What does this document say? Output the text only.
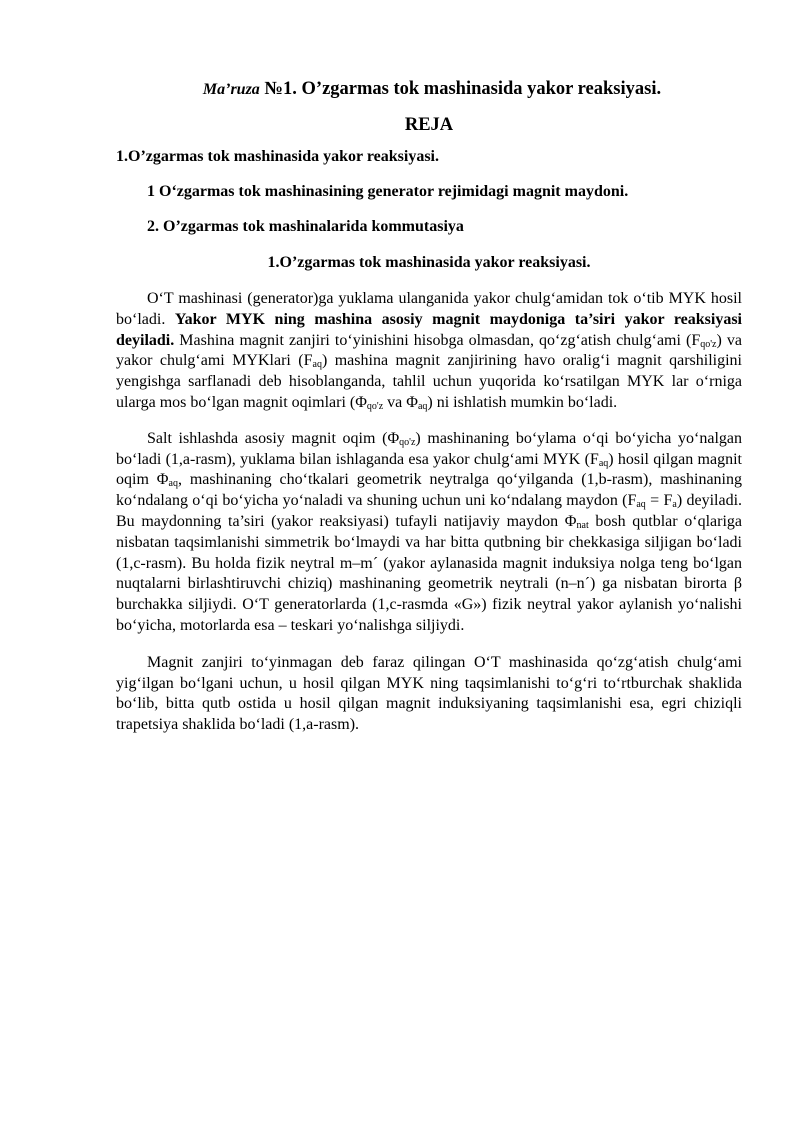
Ma’ruza №1. O’zgarmas tok mashinasida yakor reaksiyasi.
REJA
1.O’zgarmas tok mashinasida yakor reaksiyasi.
1 O‘zgarmas tok mashinasining generator rejimidagi magnit maydoni.
2. O’zgarmas tok mashinalarida kommutasiya
1.O’zgarmas tok mashinasida yakor reaksiyasi.

O‘T mashinasi (generator)ga yuklama ulanganida yakor chulg‘amidan tok o‘tib MYK hosil bo‘ladi. Yakor MYK ning mashina asosiy magnit maydoniga ta’siri yakor reaksiyasi deyiladi. Mashina magnit zanjiri to‘yinishini hisobga olmasdan, qo‘zg‘atish chulg‘ami $(F_{qo'z})$ va yakor chulg‘ami MYKlari $(F_{aq})$ mashina magnit zanjirining havo oralig‘i magnit qarshiligini yengishga sarflanadi deb hisoblanganda, tahlil uchun yuqorida ko‘rsatilgan MYK lar o‘rniga ularga mos bo‘lgan magnit oqimlari ($\Phi_{qo'z}$ va $\Phi_{aq}$) ni ishlatish mumkin bo‘ladi.

Salt ishlashda asosiy magnit oqim $(\Phi_{qo'z})$ mashinaning bo‘ylama o‘qi bo‘yicha yo‘nalgan bo‘ladi (1,a-rasm), yuklama bilan ishlaganda esa yakor chulg‘ami MYK $(F_{aq})$ hosil qilgan magnit oqim $\Phi_{aq}$, mashinaning cho‘tkalari geometrik neytralga qo‘yilganda (1,b-rasm), mashinaning ko‘ndalang o‘qi bo‘yicha yo‘naladi va shuning uchun uni ko‘ndalang maydon $(F_{aq} = F_a)$ deyiladi. Bu maydonning ta’siri (yakor reaksiyasi) tufayli natijaviy maydon $\Phi_{nat}$ bosh qutblar o‘qlariga nisbatan taqsimlanishi simmetrik bo‘lmaydi va har bitta qutbning bir chekkasiga siljigan bo‘ladi (1,c-rasm). Bu holda fizik neytral m–m´ (yakor aylanasida magnit induksiya nolga teng bo‘lgan nuqtalarni birlashtiruvchi chiziq) mashinaning geometrik neytrali (n–n´) ga nisbatan birorta β burchakka siljiydi. O‘T generatorlarda (1,c-rasmda «G») fizik neytral yakor aylanish yo‘nalishi bo‘yicha, motorlarda esa – teskari yo‘nalishga siljiydi.

Magnit zanjiri to‘yinmagan deb faraz qilingan O‘T mashinasida qo‘zg‘atish chulg‘ami yig‘ilgan bo‘lgani uchun, u hosil qilgan MYK ning taqsimlanishi to‘g‘ri to‘rtburchak shaklida bo‘lib, bitta qutb ostida u hosil qilgan magnit induksiyaning taqsimlanishi esa, egri chiziqli trapetsiya shaklida bo‘ladi (1,a-rasm).
